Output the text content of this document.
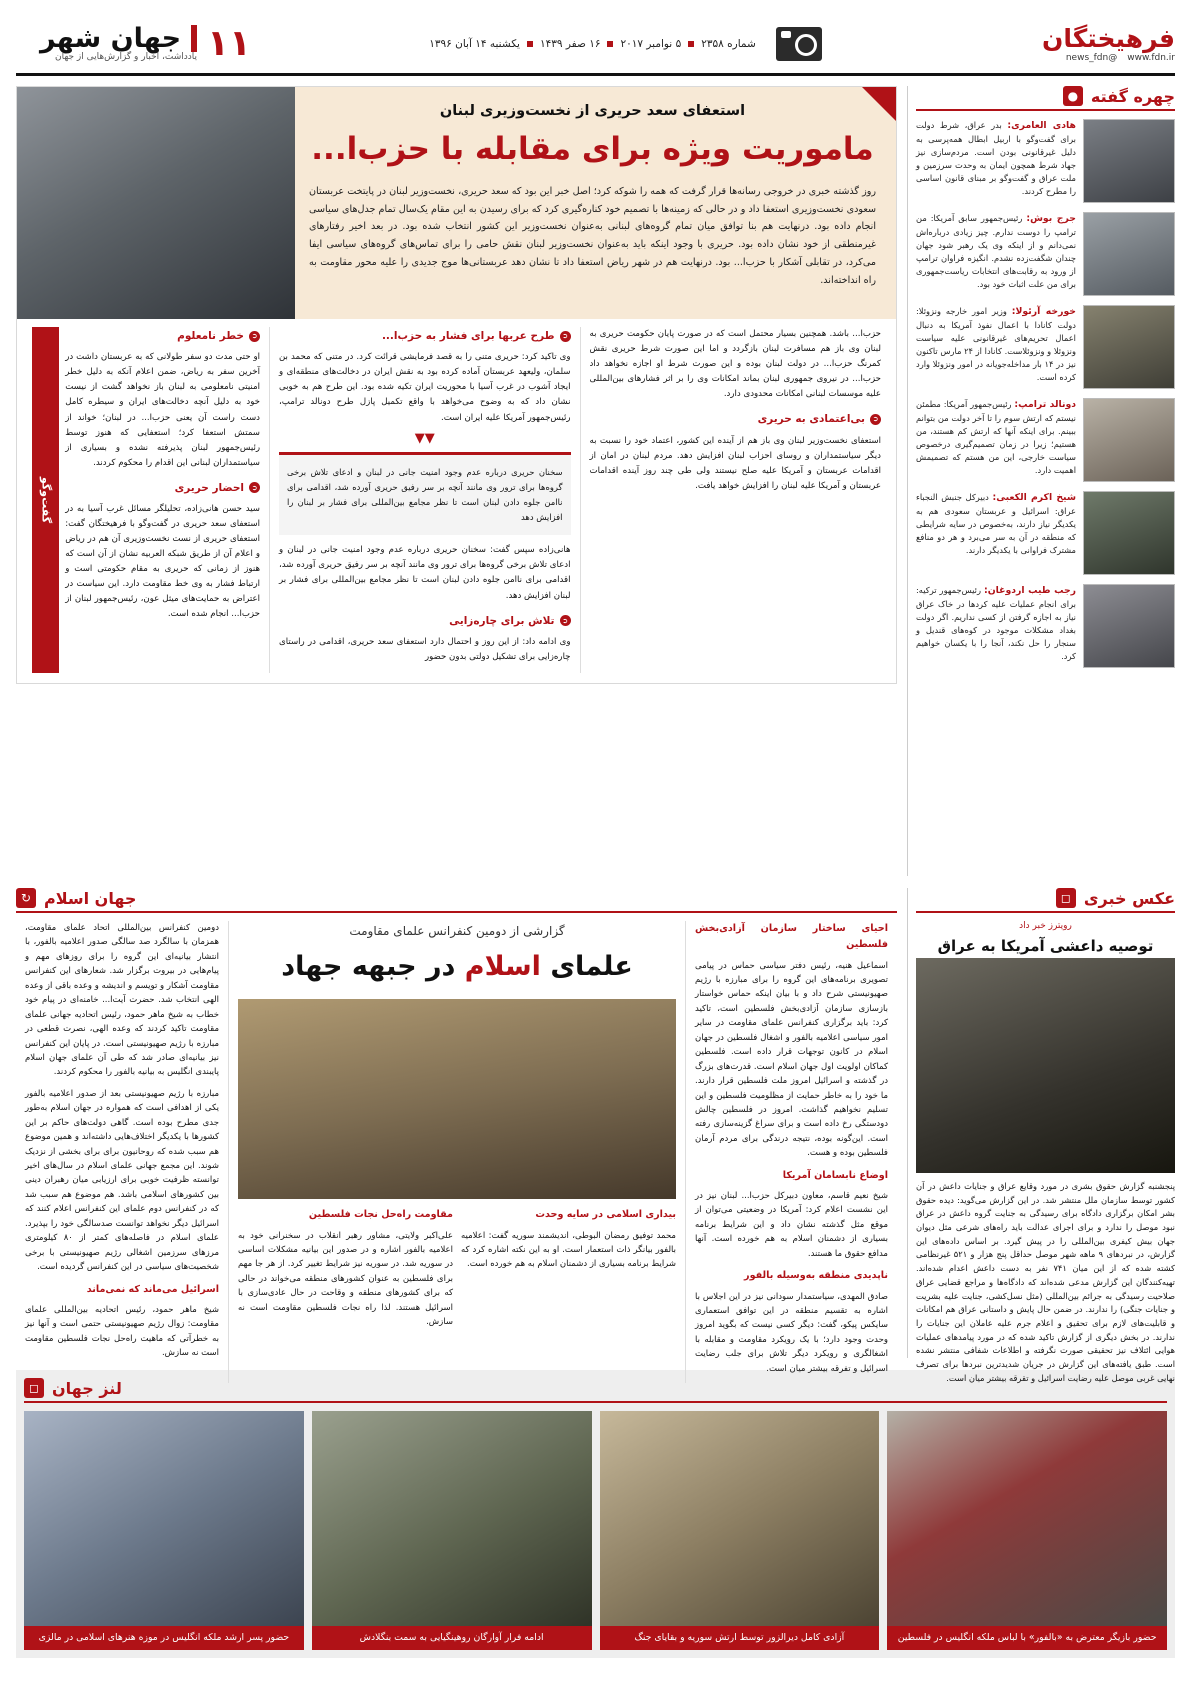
فرهیختگان
www.fdn.ir
@news_fdn
شماره ۲۳۵۸
۵ نوامبر ۲۰۱۷
۱۶ صفر ۱۴۳۹
یکشنبه ۱۴ آبان ۱۳۹۶
۱۱
جهان شهر
یادداشت، اخبار و گزارش‌هایی از جهان
چهره گفته
●
هادی العامری: بدر عراق، شرط دولت برای گفت‌وگو با اربیل ابطال همه‌پرسی به دلیل غیرقانونی بودن است. مردم‌سازی نیز جهاد شرط همچون ایمان به وحدت سرزمین و ملت عراق و گفت‌وگو بر مبنای قانون اساسی را مطرح کردند.
جرج بوش: رئیس‌جمهور سابق آمریکا: من ترامپ را دوست ندارم. چیز زیادی درباره‌اش نمی‌دانم و از اینکه وی یک رهبر شود جهان چندان شگفت‌زده نشدم. انگیزه فراوان ترامپ از ورود به رقابت‌های انتخابات ریاست‌جمهوری برای من علت اثبات خود بود.
خورخه آرئولا: وزیر امور خارجه ونزوئلا: دولت کانادا با اعمال نفوذ آمریکا به دنبال اعمال تحریم‌های غیرقانونی علیه سیاست ونزوئلا و ونزوئلاست. کانادا از ۲۴ مارس تاکنون نیز در ۱۴ بار مداخله‌جویانه در امور ونزوئلا وارد کرده است.
دونالد ترامپ: رئیس‌جمهور آمریکا: مطمئن نیستم که ارتش سوم را تا آخر دولت من بتوانم ببینم. برای اینکه آنها که ارتش کم هستند، من هستیم؛ زیرا در زمان تصمیم‌گیری درخصوص سیاست خارجی، این من هستم که تصمیمش اهمیت دارد.
شیخ اکرم الکعبی: دبیرکل جنبش النجباء عراق: اسرائیل و عربستان سعودی هم به یکدیگر نیاز دارند، به‌خصوص در سایه شرایطی که منطقه در آن به سر می‌برد و هر دو منافع مشترک فراوانی با یکدیگر دارند.
رجب طیب اردوغان: رئیس‌جمهور ترکیه: برای انجام عملیات علیه کردها در خاک عراق نیاز به اجازه گرفتن از کسی نداریم. اگر دولت بغداد مشکلات موجود در کوه‌های قندیل و سنجار را حل نکند، آنجا را با یکسان خواهیم کرد.
استعفای سعد حریری از نخست‌وزیری لبنان
ماموریت ویژه برای مقابله با حزب‌ا...
روز گذشته خبری در خروجی رسانه‌ها قرار گرفت که همه را شوکه کرد؛ اصل خبر این بود که سعد حریری، نخست‌وزیر لبنان در پایتخت عربستان سعودی نخست‌وزیری استعفا داد و در حالی که زمینه‌ها با تصمیم خود کناره‌گیری کرد که برای رسیدن به این مقام یک‌سال تمام جدل‌های سیاسی انجام داده بود. درنهایت هم بنا توافق میان تمام گروه‌های لبنانی به‌عنوان نخست‌وزیر این کشور انتخاب شده بود. در بعد اخیر رفتارهای غیرمنطقی از خود نشان داده بود. حریری با وجود اینکه باید به‌عنوان نخست‌وزیر لبنان نقش حامی را برای تماس‌های گروه‌های سیاسی ایفا می‌کرد، در تقابلی آشکار با حزب‌ا... بود. درنهایت هم در شهر ریاض استعفا داد تا نشان دهد عربستانی‌ها موج جدیدی را علیه محور مقاومت به راه انداخته‌اند.

حزب‌ا... باشد. همچنین بسیار محتمل است که در صورت پایان حکومت حریری به لبنان وی باز هم مسافرت لبنان بازگردد و اما این صورت شرط حریری نقش کمرنگ حزب‌ا... در دولت لبنان بوده و این صورت شرط او اجازه نخواهد داد حزب‌ا... در نیروی جمهوری لبنان بماند امکانات وی را بر اثر فشارهای بین‌المللی علیه موسسات لبنانی امکانات محدودی دارد.

➲
بی‌اعتمادی به حریری

استعفای نخست‌وزیر لبنان وی باز هم از آینده این کشور، اعتماد خود را نسبت به دیگر سیاستمداران و روسای احزاب لبنان افزایش دهد. مردم لبنان در امان از اقدامات عربستان و آمریکا علیه صلح نیستند ولی طی چند روز آینده اقدامات عربستان و آمریکا علیه لبنان را افزایش خواهد یافت.

➲
طرح عربها برای فشار به حزب‌ا...

وی تاکید کرد: حریری متنی را به قصد فرمایشی قرائت کرد. در متنی که محمد بن سلمان، ولیعهد عربستان آماده کرده بود به نقش ایران در دخالت‌های منطقه‌ای و ایجاد آشوب در غرب آسیا با محوریت ایران تکیه شده بود. این طرح هم به خوبی نشان داد که به وضوح می‌خواهد با واقع تکمیل پازل طرح دونالد ترامپ، رئیس‌جمهور آمریکا علیه ایران است.

▼▼
سخنان حریری درباره عدم وجود امنیت جانی در لبنان و ادعای تلاش برخی گروه‌ها برای ترور وی مانند آنچه بر سر رفیق حریری آورده شد، اقدامی برای ناامن جلوه دادن لبنان است تا نظر مجامع بین‌المللی برای فشار بر لبنان را افزایش دهد

هانی‌زاده سپس گفت: سخنان حریری درباره عدم وجود امنیت جانی در لبنان و ادعای تلاش برخی گروه‌ها برای ترور وی مانند آنچه بر سر رفیق حریری آورده شد، اقدامی برای ناامن جلوه دادن لبنان است تا نظر مجامع بین‌المللی برای فشار بر لبنان افزایش دهد.

➲
تلاش برای چاره‌زایی

وی ادامه داد: از این روز و احتمال دارد استعفای سعد حریری، اقدامی در راستای چاره‌زایی برای تشکیل دولتی بدون حضور

➲
خطر نامعلوم

او حتی مدت دو سفر طولانی که به عربستان داشت در آخرین سفر به ریاض، ضمن اعلام آنکه به دلیل خطر امنیتی نامعلومی به لبنان باز نخواهد گشت از نیست خود به دلیل آنچه دخالت‌های ایران و سیطره کامل دست راست آن یعنی حزب‌ا... در لبنان؛ خواند از سمتش استعفا کرد؛ استعفایی که هنوز توسط رئیس‌جمهور لبنان پذیرفته نشده و بسیاری از سیاستمداران لبنانی این اقدام را محکوم کردند.

➲
احضار حریری

سید حسن هانی‌زاده، تحلیلگر مسائل غرب آسیا به در استعفای سعد حریری در گفت‌وگو با فرهیختگان گفت: استعفای حریری از نست نخست‌وزیری آن هم در ریاض و اعلام آن از طریق شبکه العربیه نشان از آن است که هنوز از زمانی که حریری به مقام حکومتی است و ارتباط فشار به وی خط مقاومت دارد. این سیاست در اعتراض به حمایت‌های میثل عون، رئیس‌جمهور لبنان از حزب‌ا... انجام شده است.

گفت‌وگو
عکس خبری
◻
رویترز خبر داد
توصیه داعشی آمریکا به عراق
پنجشنبه گزارش حقوق بشری در مورد وقایع عراق و جنایات داعش در آن کشور توسط سازمان ملل منتشر شد. در این گزارش می‌گوید: دیده حقوق بشر امکان برگزاری دادگاه برای رسیدگی به جنایت گروه داعش در عراق نبود موصل را ندارد و برای اجرای عدالت باید راه‌های شرعی مثل دیوان جهان بیش کیفری بین‌المللی را در پیش گیرد. بر اساس داده‌های این گزارش، در نبردهای ۹ ماهه شهر موصل حداقل پنج هزار و ۵۲۱ غیرنظامی کشته شده که از این میان ۷۴۱ نفر به دست داعش اعدام شده‌اند. تهیه‌کنندگان این گزارش مدعی شده‌اند که دادگاه‌ها و مراجع قضایی عراق صلاحیت رسیدگی به جرائم بین‌المللی (مثل نسل‌کشی، جنایت علیه بشریت و جنایات جنگی) را ندارند. در ضمن حال پایش و داستانی عراق هم امکانات و قابلیت‌های لازم برای تحقیق و اعلام جرم علیه عاملان این جنایات را ندارند. در بخش دیگری از گزارش تاکید شده که در مورد پیامدهای عملیات هوایی ائتلاف نیز تحقیقی صورت نگرفته و اطلاعات شفافی منتشر نشده است. طبق یافته‌های این گزارش در جریان شدیدترین نبردها برای تصرف نهایی غربی موصل علیه رضایت اسرائیل و تقرقه بیشتر میان است.
↻ جهان اسلام
احیای ساختار سازمان آزادی‌بخش فلسطین

اسماعیل هنیه، رئیس دفتر سیاسی حماس در پیامی تصویری برنامه‌های این گروه را برای مبارزه با رژیم صهیونیستی شرح داد و با بیان اینکه حماس خواستار بازسازی سازمان آزادی‌بخش فلسطین است، تاکید کرد: باید برگزاری کنفرانس علمای مقاومت در سایر امور سیاسی اعلامیه بالفور و اشغال فلسطین در جهان اسلام در کانون توجهات قرار داده است. فلسطین کماکان اولویت اول جهان اسلام است. قدرت‌های بزرگ در گذشته و اسرائیل امروز ملت فلسطین قرار دارند. ما خود را به خاطر حمایت از مظلومیت فلسطین و این تسلیم نخواهیم گذاشت. امروز در فلسطین چالش دودستگی رخ داده است و برای سراغ گزینه‌سازی رفته است. این‌گونه بوده، نتیجه درندگی برای مردم آرمان فلسطین بوده و هست.

اوضاع نابسامان آمریکا

شیخ نعیم قاسم، معاون دبیرکل حزب‌ا... لبنان نیز در این نشست اعلام کرد: آمریکا در وضعیتی می‌توان از موقع مثل گذشته نشان داد و این شرایط برنامه بسیاری از دشمنان اسلام به هم خورده است. آنها مدافع حقوق ما هستند.

ناپدیدی منطقه به‌وسیله بالفور

صادق المهدی، سیاستمدار سودانی نیز در این اجلاس با اشاره به تقسیم منطقه در این توافق استعماری سایکس پیکو، گفت: دیگر کسی نیست که بگوید امروز وحدت وجود دارد؛ با یک رویکرد مقاومت و مقابله با اشغالگری و رویکرد دیگر تلاش برای جلب رضایت اسرائیل و تفرقه بیشتر میان است.

گزارشی از دومین کنفرانس علمای مقاومت
علمای اسلام در جبهه جهاد
بیداری اسلامی در سایه وحدت

محمد توفیق رمضان البوطی، اندیشمند سوریه گفت: اعلامیه بالفور بیانگر ذات استعمار است. او به این نکته اشاره کرد که شرایط برنامه بسیاری از دشمنان اسلام به هم خورده است.

مقاومت راه‌حل نجات فلسطین

علی‌اکبر ولایتی، مشاور رهبر انقلاب در سخنرانی خود به اعلامیه بالفور اشاره و در صدور این بیانیه مشکلات اساسی در سوریه شد. در سوریه نیز شرایط تغییر کرد. از هر جا مهم برای فلسطین به عنوان کشورهای منطقه می‌خواند در حالی که برای کشورهای منطقه و وقاحت در حال عادی‌سازی با اسرائیل هستند. لذا راه نجات فلسطین مقاومت است نه سازش.

دومین کنفرانس بین‌المللی اتحاد علمای مقاومت، همزمان با سالگرد صد سالگی صدور اعلامیه بالفور، با انتشار بیانیه‌ای این گروه را برای روزهای مهم و پیام‌هایی در بیروت برگزار شد. شعارهای این کنفرانس مقاومت آشکار و تویسم و اندیشه و وعده باقی از وعده الهی انتخاب شد. حضرت آیت‌ا... خامنه‌ای در پیام خود خطاب به شیخ ماهر حمود، رئیس اتحادیه جهانی علمای مقاومت تاکید کردند که وعده الهی، نصرت قطعی در مبارزه با رژیم صهیونیستی است. در پایان این کنفرانس نیز بیانیه‌ای صادر شد که طی آن علمای جهان اسلام پایبندی انگلیس به بیانیه بالفور را محکوم کردند.

مبارزه با رژیم صهیونیستی بعد از صدور اعلامیه بالفور یکی از اهدافی است که همواره در جهان اسلام به‌طور جدی مطرح بوده است. گاهی دولت‌های حاکم بر این کشورها با یکدیگر اختلاف‌هایی داشته‌اند و همین موضوع هم سبب شده که روحانیون برای برای بخشی از نزدیک شوند. این مجمع جهانی علمای اسلام در سال‌های اخیر توانسته ظرفیت خوبی برای ارزیابی میان رهبران دینی بین کشورهای اسلامی باشد. هم موضوع هم سبب شد که در کنفرانس دوم علمای این کنفرانس اعلام کنند که اسرائیل دیگر نخواهد توانست صدسالگی خود را بپذیرد. علمای اسلام در فاصله‌های کمتر از ۸۰ کیلومتری مرزهای سرزمین اشغالی رژیم صهیونیستی با برخی شخصیت‌های سیاسی در این کنفرانس گردیده است.

اسرائیل می‌ماند که نمی‌ماند

شیخ ماهر حمود، رئیس اتحادیه بین‌المللی علمای مقاومت: زوال رژیم صهیونیستی حتمی است و آنها نیز به خطرآتی که ماهیت راه‌حل نجات فلسطین مقاومت است نه سازش.

◻ لنز جهان
حضور بازیگر معترض به «بالفور» با لباس ملکه انگلیس در فلسطین
آزادی کامل دیرالزور توسط ارتش سوریه و بقایای جنگ
ادامه فرار آوارگان روهینگیایی به سمت بنگلادش
حضور پسر ارشد ملکه انگلیس در موزه هنرهای اسلامی در مالزی
